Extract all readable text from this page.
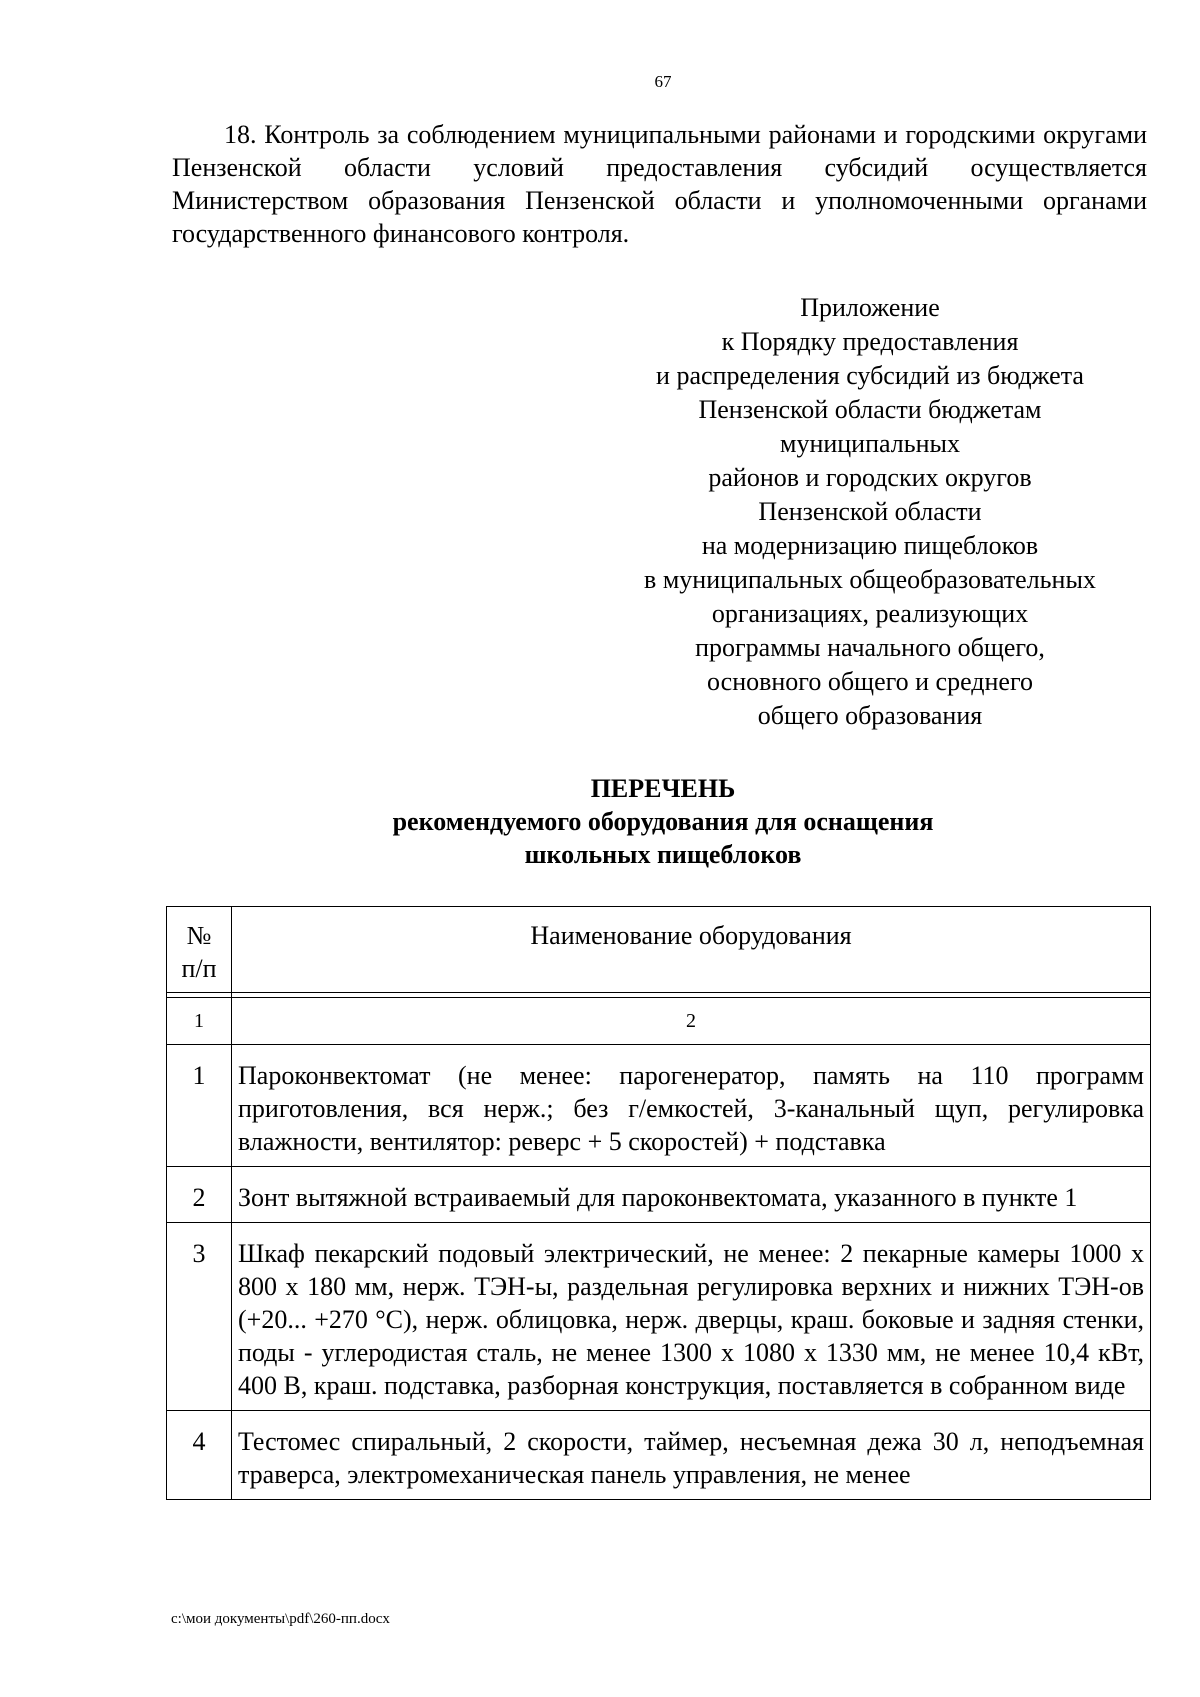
67
18. Контроль за соблюдением муниципальными районами и городскими округами Пензенской области условий предоставления субсидий осуществляется Министерством образования Пензенской области и уполномоченными органами государственного финансового контроля.
Приложение
к Порядку предоставления
и распределения субсидий из бюджета
Пензенской области бюджетам
муниципальных
районов и городских округов
Пензенской области
на модернизацию пищеблоков
в муниципальных общеобразовательных
организациях, реализующих
программы начального общего,
основного общего и среднего
общего образования
ПЕРЕЧЕНЬ
рекомендуемого оборудования для оснащения
школьных пищеблоков
№ п/п	Наименование оборудования

1	2
1	Пароконвектомат (не менее: парогенератор, память на 110 программ приготовления, вся нерж.; без г/емкостей, 3-канальный щуп, регулировка влажности, вентилятор: реверс + 5 скоростей) + подставка
2	Зонт вытяжной встраиваемый для пароконвектомата, указанного в пункте 1
3	Шкаф пекарский подовый электрический, не менее: 2 пекарные камеры 1000 х 800 х 180 мм, нерж. ТЭН-ы, раздельная регулировка верхних и нижних ТЭН-ов (+20... +270 °C), нерж. облицовка, нерж. дверцы, краш. боковые и задняя стенки, поды - углеродистая сталь, не менее 1300 х 1080 х 1330 мм, не менее 10,4 кВт, 400 В, краш. подставка, разборная конструкция, поставляется в собранном виде
4	Тестомес спиральный, 2 скорости, таймер, несъемная дежа 30 л, неподъемная траверса, электромеханическая панель управления, не менее
c:\мои документы\pdf\260-пп.docx
